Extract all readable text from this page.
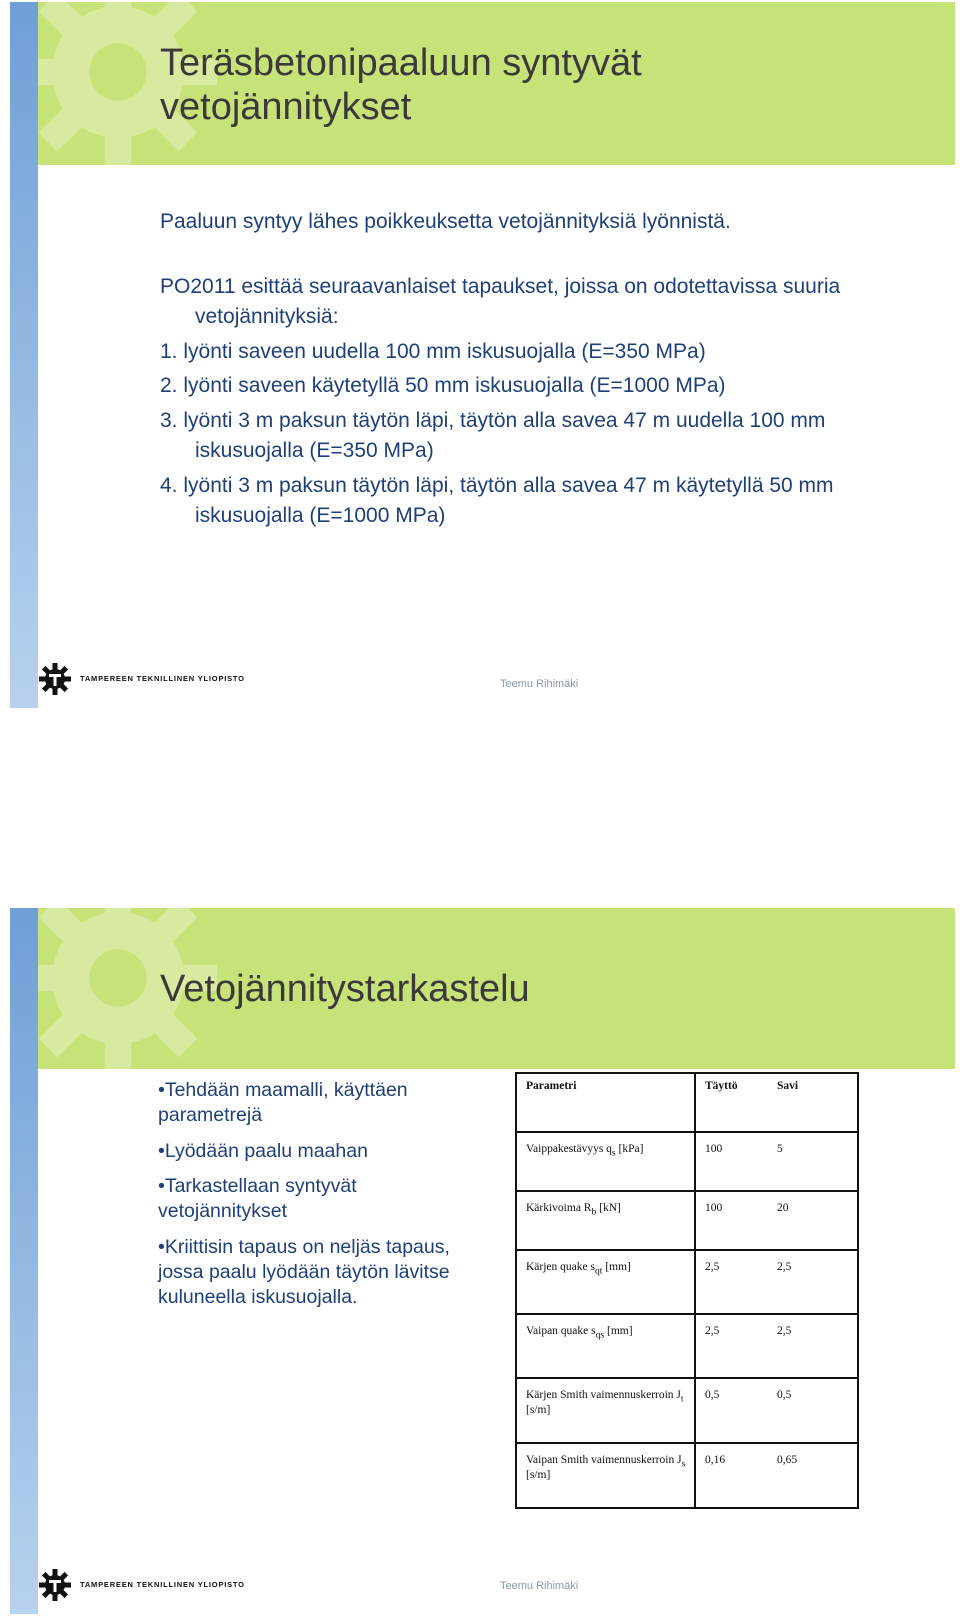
Teräsbetonipaaluun syntyvät
vetojännitykset
Paaluun syntyy lähes poikkeuksetta vetojännityksiä lyönnistä.

PO2011 esittää seuraavanlaiset tapaukset, joissa on odotettavissa suuria vetojännityksiä:

1. lyönti saveen uudella 100 mm iskusuojalla (E=350 MPa)

2. lyönti saveen käytetyllä 50 mm iskusuojalla (E=1000 MPa)

3. lyönti 3 m paksun täytön läpi, täytön alla savea 47 m uudella 100 mm iskusuojalla (E=350 MPa)

4. lyönti 3 m paksun täytön läpi, täytön alla savea 47 m käytetyllä 50 mm iskusuojalla (E=1000 MPa)

TAMPEREEN TEKNILLINEN YLIOPISTO	Teemu Rihimäki
Vetojännitystarkastelu

•Tehdään maamalli, käyttäen parametrejä

•Lyödään paalu maahan

•Tarkastellaan syntyvät vetojännitykset

•Kriittisin tapaus on neljäs tapaus, jossa paalu lyödään täytön lävitse kuluneella iskusuojalla.

Parametri	Täyttö	Savi
Vaippakestävyys $q_s$ [kPa]	100	5
Kärkivoima $R_b$ [kN]	100	20
Kärjen quake $s_{qt}$ [mm]	2,5	2,5
Vaipan quake $s_{qs}$ [mm]	2,5	2,5
Kärjen Smith vaimennuskerroin $J_t$ [s/m]	0,5	0,5
Vaipan Smith vaimennuskerroin $J_s$ [s/m]	0,16	0,65
TAMPEREEN TEKNILLINEN YLIOPISTO	Teemu Rihimäki
